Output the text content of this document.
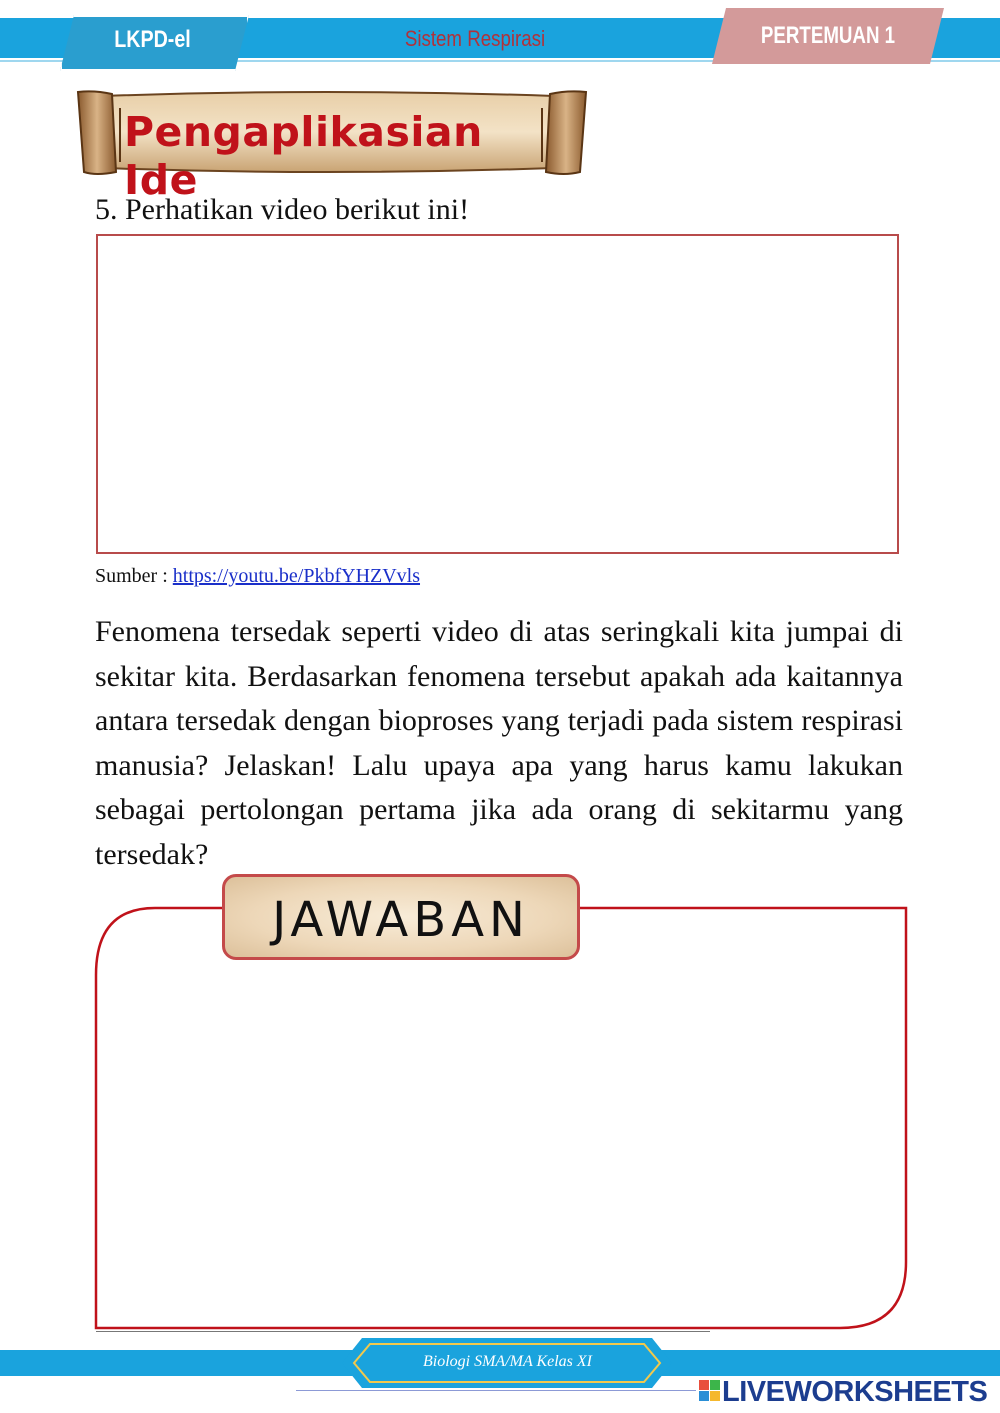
LKPD-el	Sistem Respirasi	PERTEMUAN 1
Pengaplikasian Ide
5. Perhatikan video berikut ini!
Sumber : https://youtu.be/PkbfYHZVvls
Fenomena tersedak seperti video di atas seringkali kita jumpai di sekitar kita. Berdasarkan fenomena tersebut apakah ada kaitannya antara tersedak dengan bioproses yang terjadi pada sistem respirasi manusia? Jelaskan! Lalu upaya apa yang harus kamu lakukan sebagai pertolongan pertama jika ada orang di sekitarmu yang tersedak?
JAWABAN
Biologi SMA/MA Kelas XI
LIVEWORKSHEETS
